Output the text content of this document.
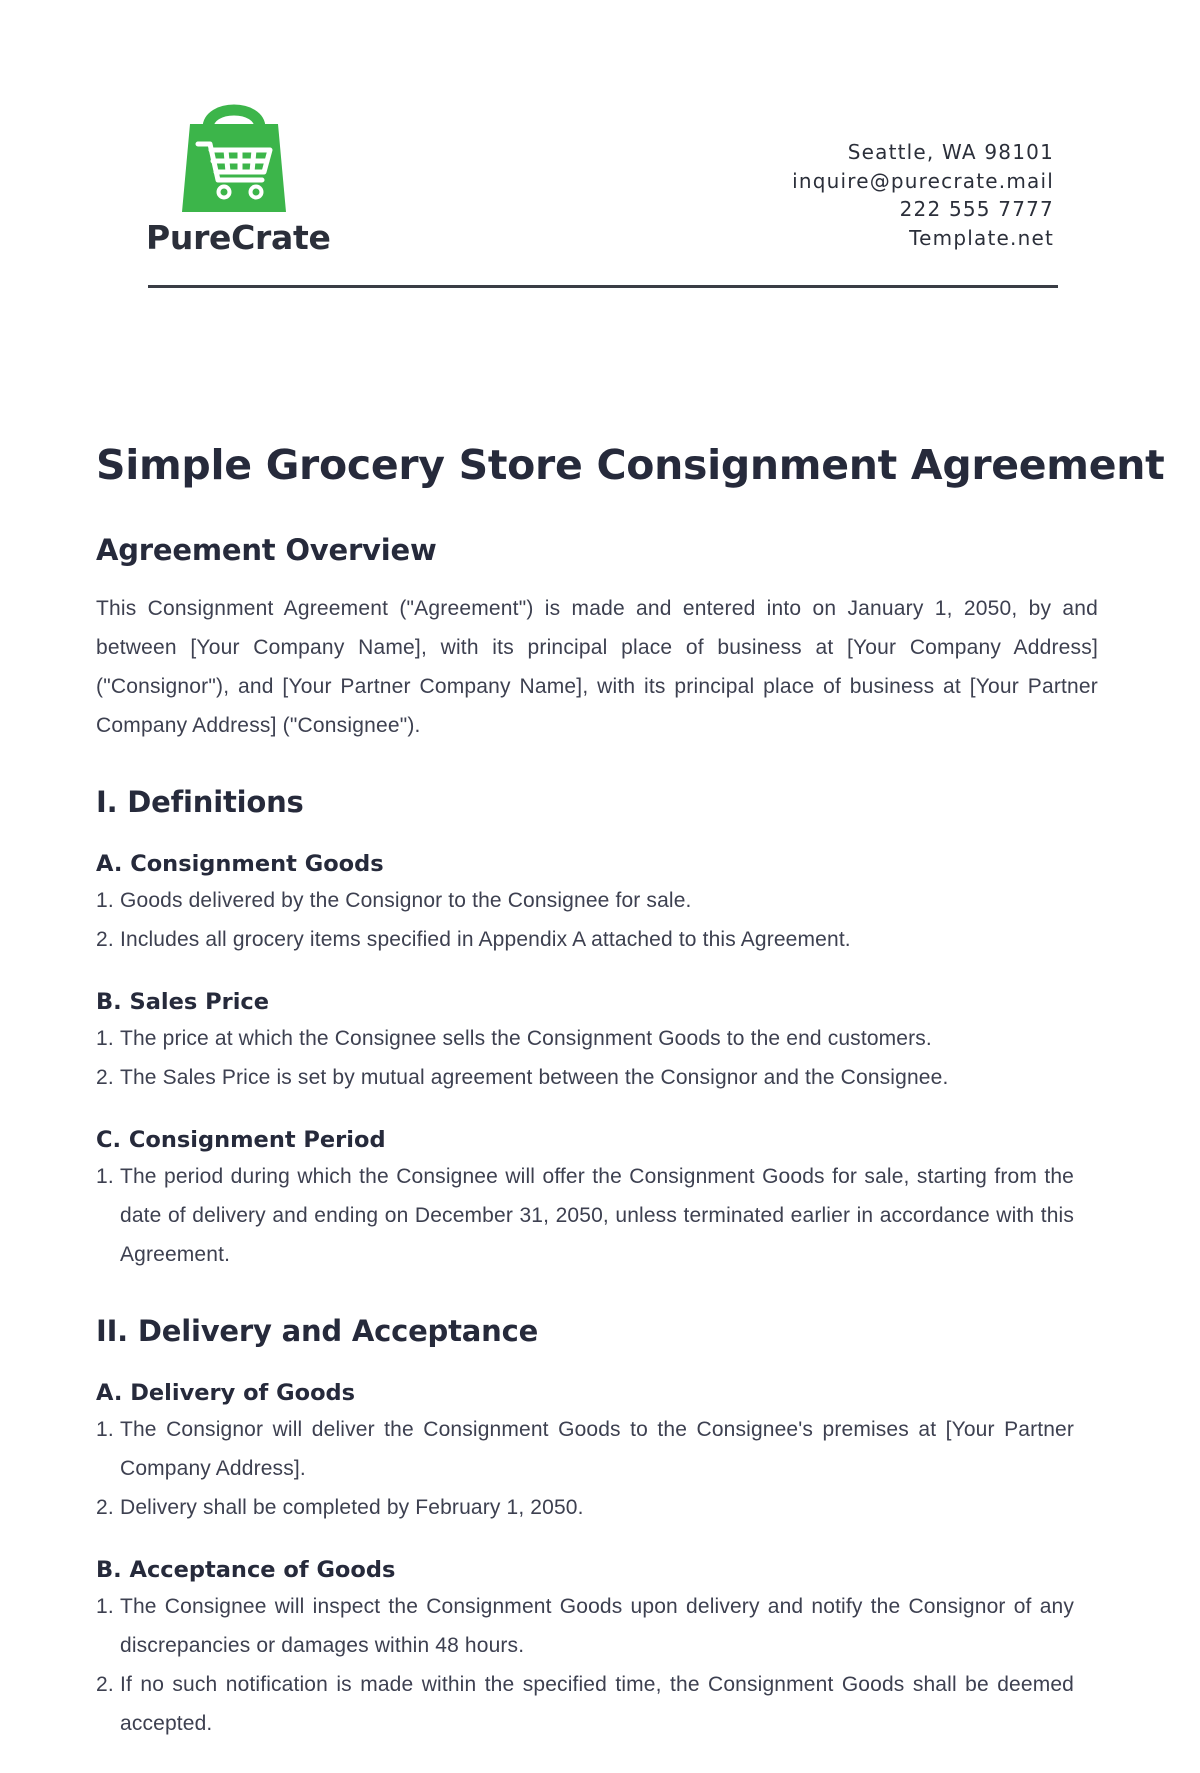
PureCrate
Seattle, WA 98101
inquire@purecrate.mail
222 555 7777
Template.net
Simple Grocery Store Consignment Agreement
Agreement Overview

This Consignment Agreement ("Agreement") is made and entered into on January 1, 2050, by and between [Your Company Name], with its principal place of business at [Your Company Address] ("Consignor"), and [Your Partner Company Name], with its principal place of business at [Your Partner Company Address] ("Consignee").

I. Definitions
A. Consignment Goods
1. Goods delivered by the Consignor to the Consignee for sale.
2. Includes all grocery items specified in Appendix A attached to this Agreement.
B. Sales Price
1. The price at which the Consignee sells the Consignment Goods to the end customers.
2. The Sales Price is set by mutual agreement between the Consignor and the Consignee.
C. Consignment Period
1. The period during which the Consignee will offer the Consignment Goods for sale, starting from the date of delivery and ending on December 31, 2050, unless terminated earlier in accordance with this Agreement.
II. Delivery and Acceptance
A. Delivery of Goods
1. The Consignor will deliver the Consignment Goods to the Consignee's premises at [Your Partner Company Address].
2. Delivery shall be completed by February 1, 2050.
B. Acceptance of Goods
1. The Consignee will inspect the Consignment Goods upon delivery and notify the Consignor of any discrepancies or damages within 48 hours.
2. If no such notification is made within the specified time, the Consignment Goods shall be deemed accepted.
